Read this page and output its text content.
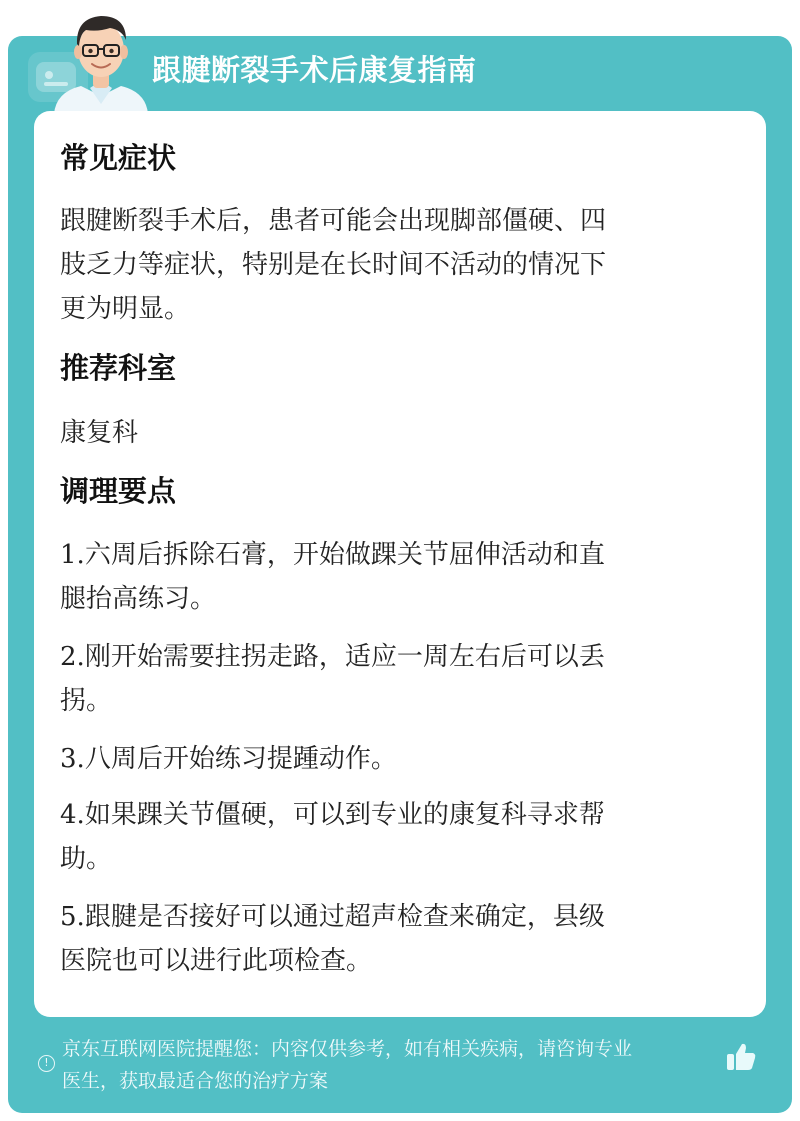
跟腱断裂手术后康复指南
常见症状
跟腱断裂手术后，患者可能会出现脚部僵硬、四
肢乏力等症状，特别是在长时间不活动的情况下
更为明显。
推荐科室
康复科
调理要点
1.六周后拆除石膏，开始做踝关节屈伸活动和直
腿抬高练习。
2.刚开始需要拄拐走路，适应一周左右后可以丢
拐。
3.八周后开始练习提踵动作。
4.如果踝关节僵硬，可以到专业的康复科寻求帮
助。
5.跟腱是否接好可以通过超声检查来确定，县级
医院也可以进行此项检查。
!
京东互联网医院提醒您：内容仅供参考，如有相关疾病，请咨询专业
医生，获取最适合您的治疗方案
